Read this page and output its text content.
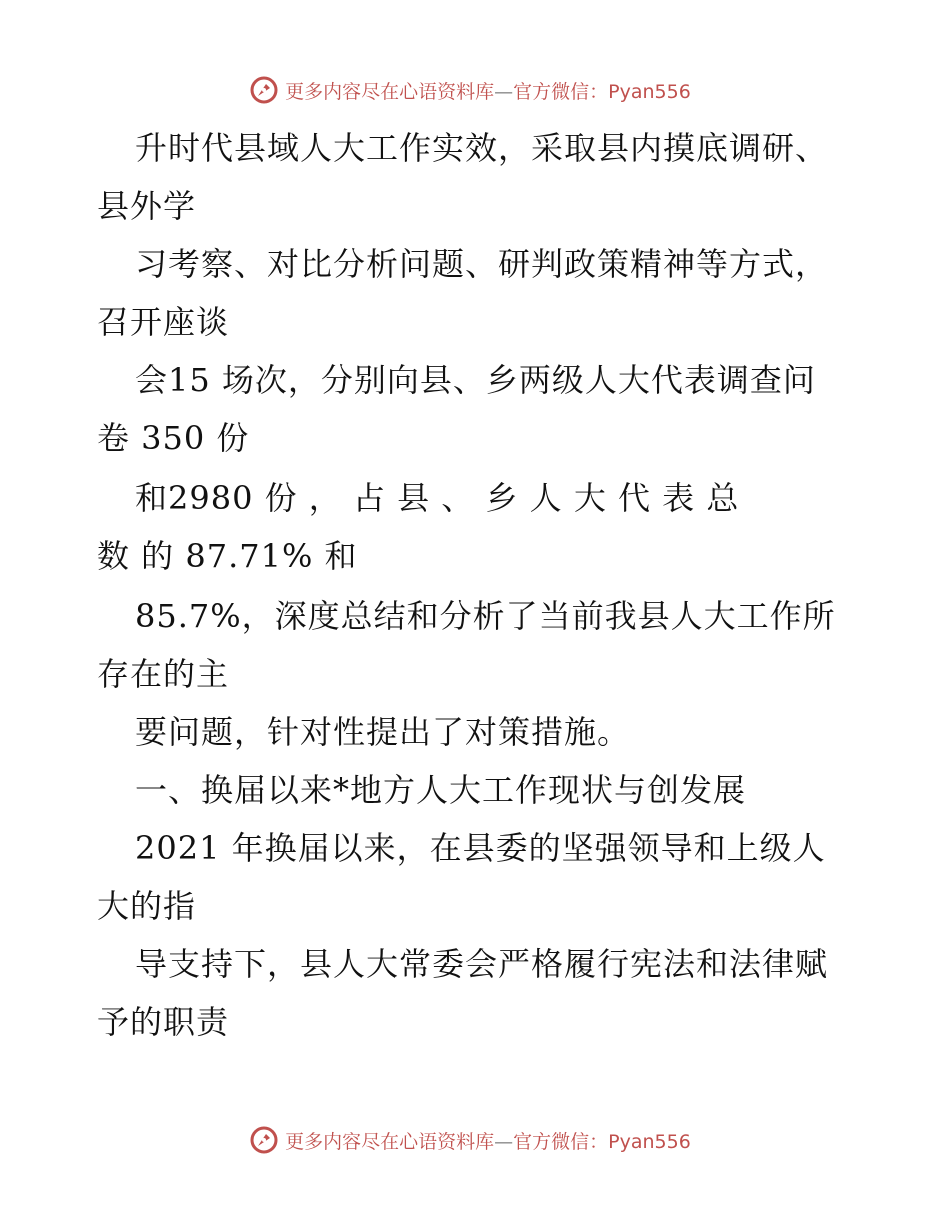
更多内容尽在心语资料库—官方微信：Pyan556
升时代县域人大工作实效，采取县内摸底调研、
县外学
习考察、对比分析问题、研判政策精神等方式，
召开座谈
会15 场次，分别向县、乡两级人大代表调查问
卷 350 份
和2980 份 ， 占 县 、 乡 人 大 代 表 总
数 的 87.71% 和
85.7%，深度总结和分析了当前我县人大工作所
存在的主
要问题，针对性提出了对策措施。
一、换届以来*地方人大工作现状与创发展
2021 年换届以来，在县委的坚强领导和上级人
大的指
导支持下，县人大常委会严格履行宪法和法律赋
予的职责
更多内容尽在心语资料库—官方微信：Pyan556
